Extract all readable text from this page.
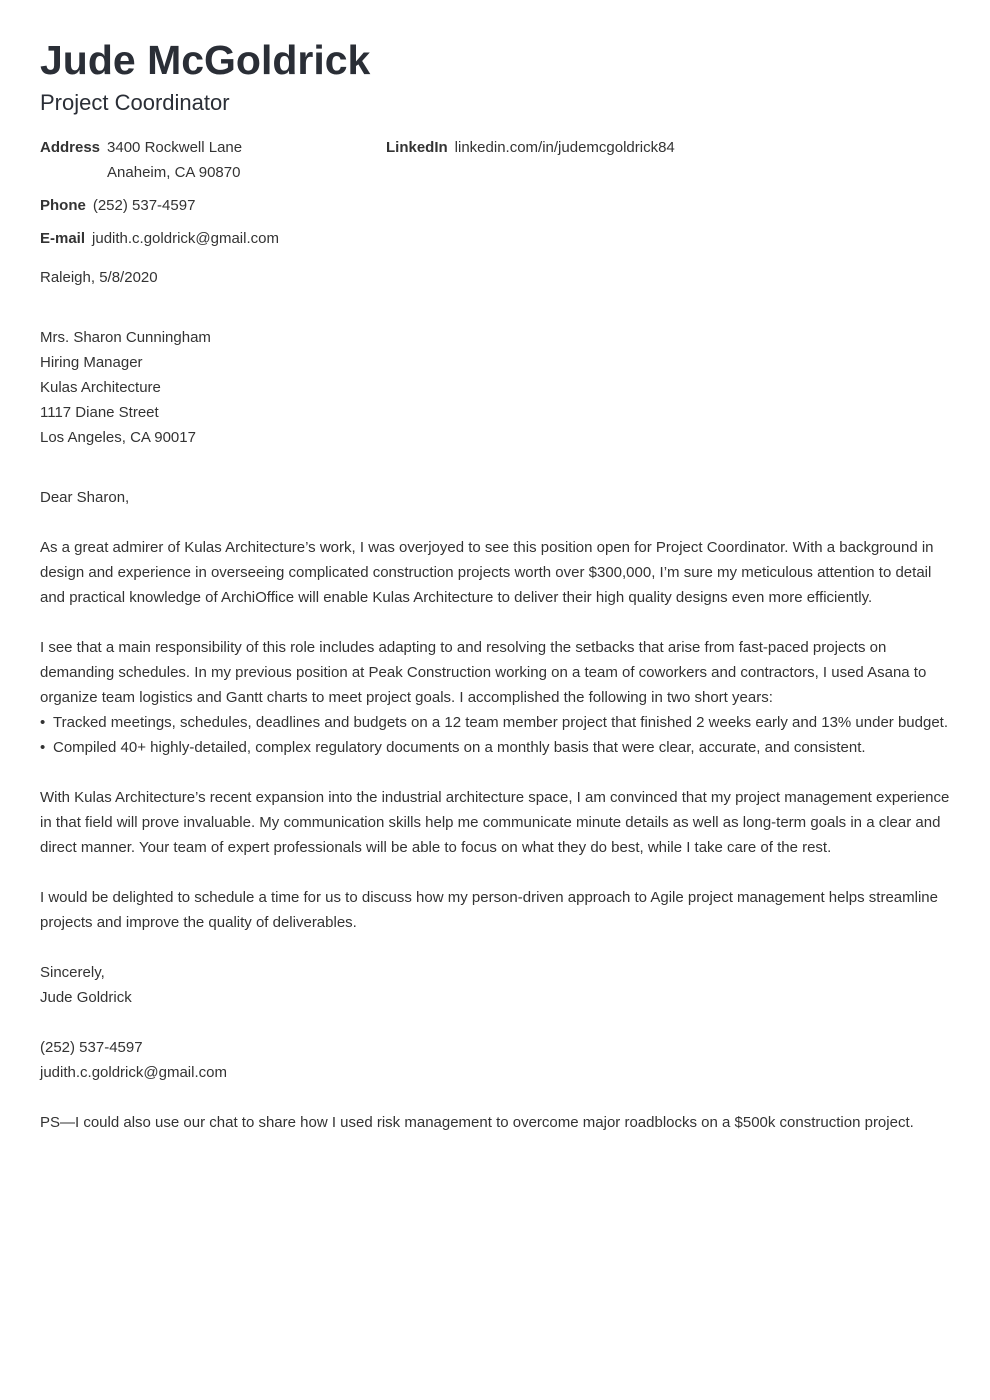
Jude McGoldrick
Project Coordinator
Address 3400 Rockwell Lane
Anaheim, CA 90870
Phone (252) 537-4597
E-mail judith.c.goldrick@gmail.com
LinkedIn linkedin.com/in/judemcgoldrick84
Raleigh, 5/8/2020
Mrs. Sharon Cunningham
Hiring Manager
Kulas Architecture
1117 Diane Street
Los Angeles, CA 90017
Dear Sharon,

As a great admirer of Kulas Architecture’s work, I was overjoyed to see this position open for Project Coordinator. With a background in design and experience in overseeing complicated construction projects worth over $300,000, I’m sure my meticulous attention to detail and practical knowledge of ArchiOffice will enable Kulas Architecture to deliver their high quality designs even more efficiently.

I see that a main responsibility of this role includes adapting to and resolving the setbacks that arise from fast-paced projects on demanding schedules. In my previous position at Peak Construction working on a team of coworkers and contractors, I used Asana to organize team logistics and Gantt charts to meet project goals. I accomplished the following in two short years:
• Tracked meetings, schedules, deadlines and budgets on a 12 team member project that finished 2 weeks early and 13% under budget.
• Compiled 40+ highly-detailed, complex regulatory documents on a monthly basis that were clear, accurate, and consistent.

With Kulas Architecture’s recent expansion into the industrial architecture space, I am convinced that my project management experience in that field will prove invaluable. My communication skills help me communicate minute details as well as long-term goals in a clear and direct manner. Your team of expert professionals will be able to focus on what they do best, while I take care of the rest.

I would be delighted to schedule a time for us to discuss how my person-driven approach to Agile project management helps streamline projects and improve the quality of deliverables.

Sincerely,
Jude Goldrick
(252) 537-4597
judith.c.goldrick@gmail.com
PS—I could also use our chat to share how I used risk management to overcome major roadblocks on a $500k construction project.
